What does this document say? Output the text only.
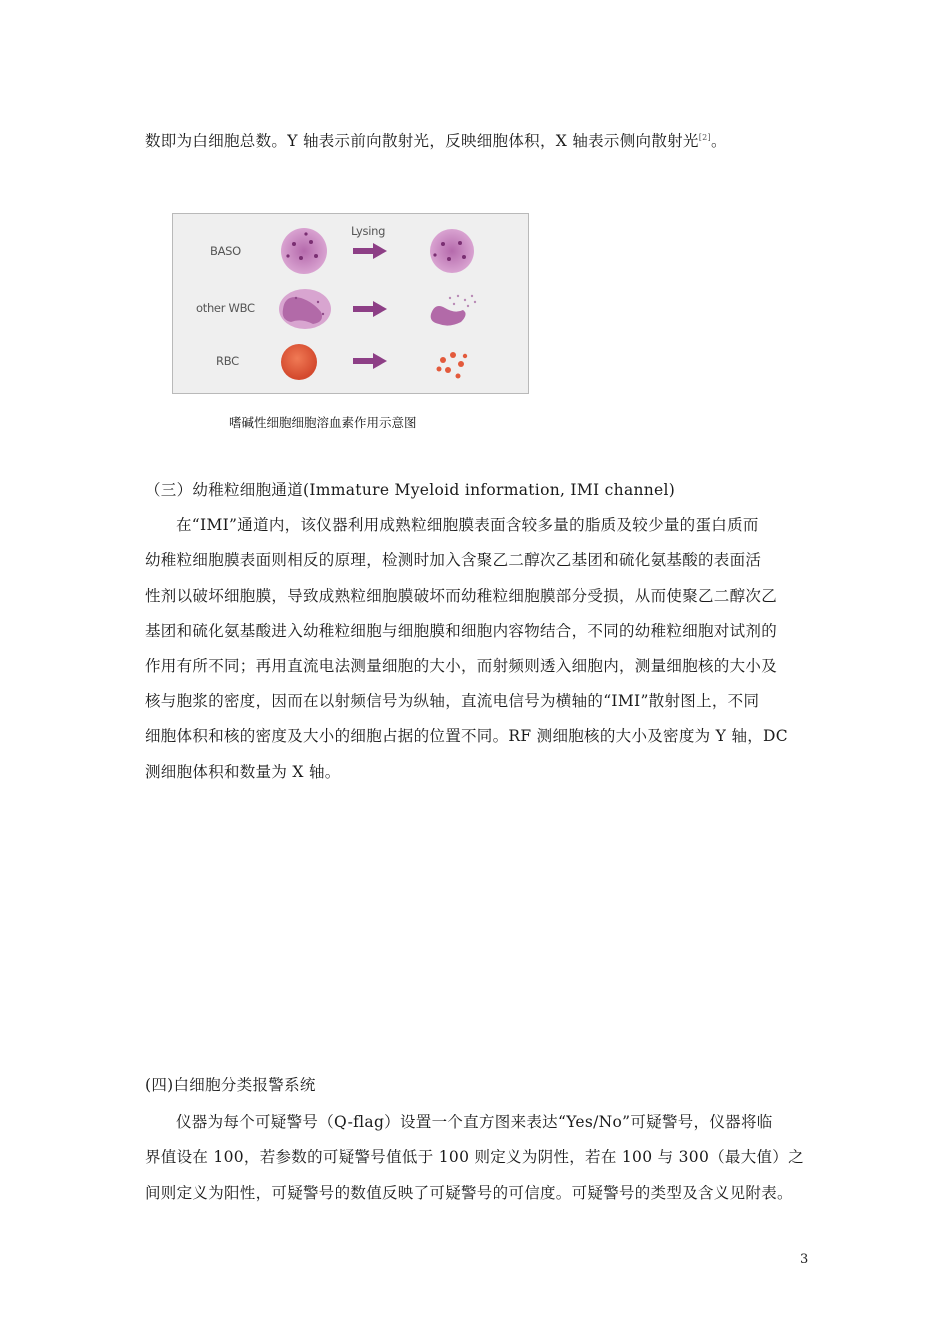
数即为白细胞总数。Y 轴表示前向散射光，反映细胞体积，X 轴表示侧向散射光[2]。
Lysing
BASO
other WBC
RBC
嗜碱性细胞细胞溶血素作用示意图
（三）幼稚粒细胞通道(Immature Myeloid information, IMI channel)
在“IMI”通道内，该仪器利用成熟粒细胞膜表面含较多量的脂质及较少量的蛋白质而
幼稚粒细胞膜表面则相反的原理，检测时加入含聚乙二醇次乙基团和硫化氨基酸的表面活
性剂以破坏细胞膜，导致成熟粒细胞膜破坏而幼稚粒细胞膜部分受损，从而使聚乙二醇次乙
基团和硫化氨基酸进入幼稚粒细胞与细胞膜和细胞内容物结合，不同的幼稚粒细胞对试剂的
作用有所不同；再用直流电法测量细胞的大小，而射频则透入细胞内，测量细胞核的大小及
核与胞浆的密度，因而在以射频信号为纵轴，直流电信号为横轴的“IMI”散射图上，不同
细胞体积和核的密度及大小的细胞占据的位置不同。RF 测细胞核的大小及密度为 Y 轴，DC
测细胞体积和数量为 X 轴。
(四)白细胞分类报警系统
仪器为每个可疑警号（Q-flag）设置一个直方图来表达“Yes/No”可疑警号，仪器将临
界值设在 100，若参数的可疑警号值低于 100 则定义为阴性，若在 100 与 300（最大值）之
间则定义为阳性，可疑警号的数值反映了可疑警号的可信度。可疑警号的类型及含义见附表。
3
